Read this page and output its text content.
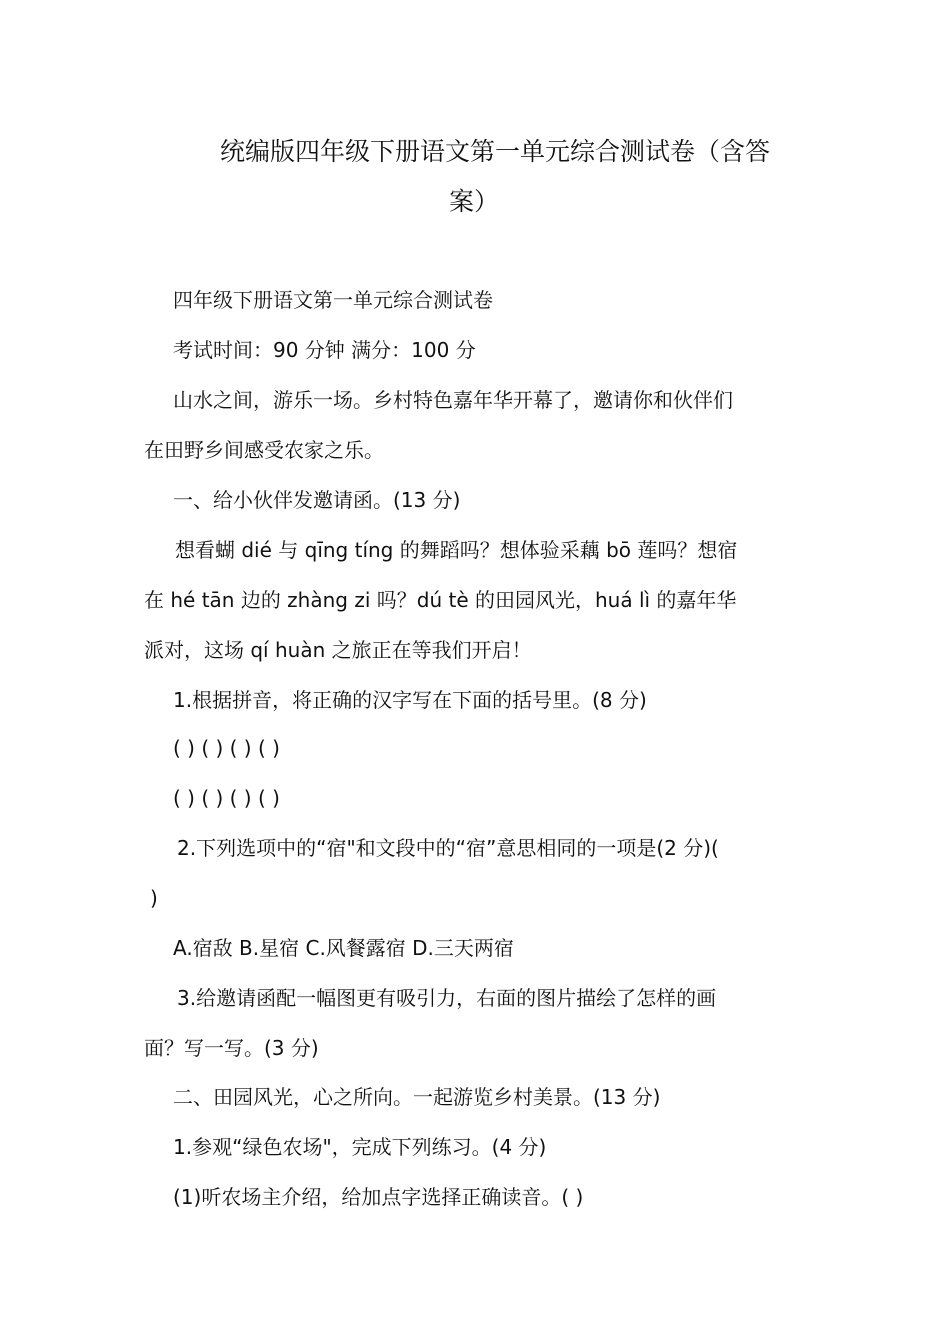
统编版四年级下册语文第一单元综合测试卷（含答
案）
四年级下册语文第一单元综合测试卷
考试时间：90 分钟 满分：100 分
山水之间，游乐一场。乡村特色嘉年华开幕了，邀请你和伙伴们
在田野乡间感受农家之乐。
一、给小伙伴发邀请函。(13 分)
想看蝴 dié 与 qīng tíng 的舞蹈吗？想体验采藕 bō 莲吗？想宿
在 hé tān 边的 zhàng zi 吗？dú tè 的田园风光，huá lì 的嘉年华
派对，这场 qí huàn 之旅正在等我们开启！
1.根据拼音，将正确的汉字写在下面的括号里。(8 分)
( ) ( ) ( ) ( )
( ) ( ) ( ) ( )
2.下列选项中的“宿"和文段中的“宿”意思相同的一项是(2 分)(
)
A.宿敌 B.星宿 C.风餐露宿 D.三天两宿
3.给邀请函配一幅图更有吸引力，右面的图片描绘了怎样的画
面？写一写。(3 分)
二、田园风光，心之所向。一起游览乡村美景。(13 分)
1.参观“绿色农场"，完成下列练习。(4 分)
(1)听农场主介绍，给加点字选择正确读音。( )
